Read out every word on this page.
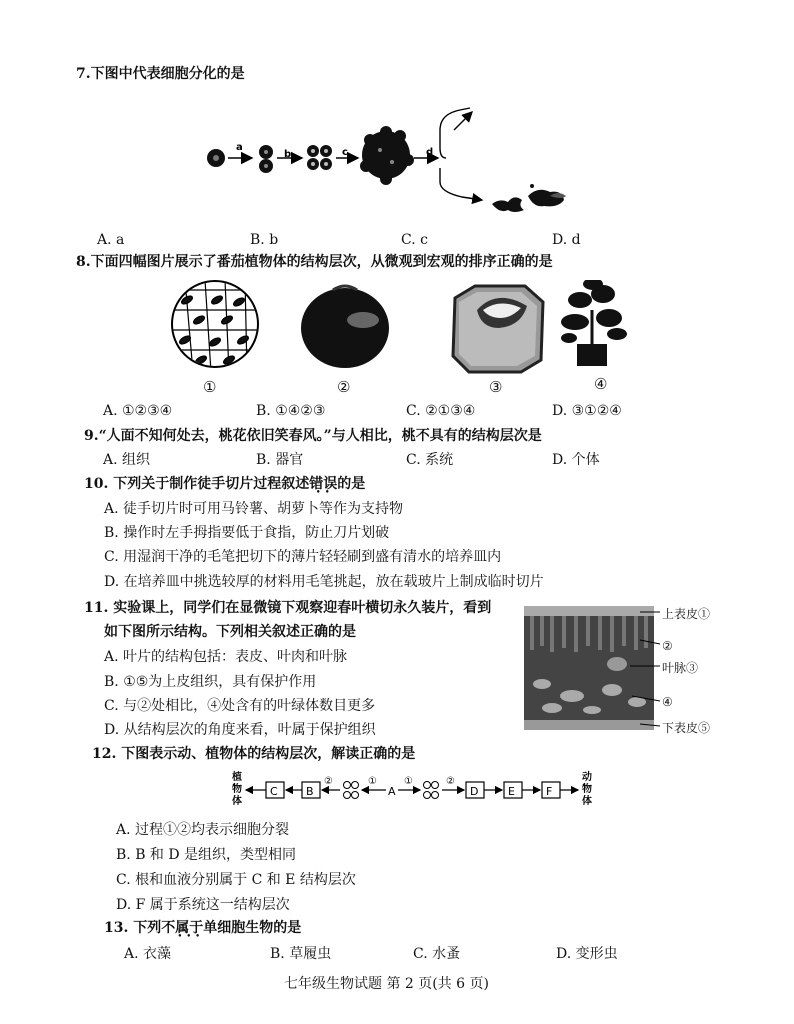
7.下图中代表细胞分化的是
a
b	c	d
A. a	B. b	C. c	D. d
8.下面四幅图片展示了番茄植物体的结构层次，从微观到宏观的排序正确的是
①	②	③	④
A. ①②③④	B. ①④②③	C. ②①③④	D. ③①②④
9.“人面不知何处去，桃花依旧笑春风。”与人相比，桃不具有的结构层次是
A. 组织	B. 器官	C. 系统	D. 个体
10. 下列关于制作徒手切片过程叙述错误 • •的是
A. 徒手切片时可用马铃薯、胡萝卜等作为支持物
B. 操作时左手拇指要低于食指，防止刀片划破
C. 用湿润干净的毛笔把切下的薄片轻轻刷到盛有清水的培养皿内
D. 在培养皿中挑选较厚的材料用毛笔挑起，放在载玻片上制成临时切片
11. 实验课上，同学们在显微镜下观察迎春叶横切永久装片，看到
如下图所示结构。下列相关叙述正确的是
A. 叶片的结构包括：表皮、叶肉和叶脉
B. ①⑤为上皮组织，具有保护作用
C. 与②处相比，④处含有的叶绿体数目更多
D. 从结构层次的角度来看，叶属于保护组织
上表皮①
②
叶脉③
④
下表皮⑤
12. 下图表示动、植物体的结构层次，解读正确的是
植
物
体
C	B
②	①
A
①	②
D	E	F
动
物
体
A. 过程①②均表示细胞分裂
B. B 和 D 是组织，类型相同
C. 根和血液分别属于 C 和 E 结构层次
D. F 属于系统这一结构层次
13. 下列不属于 • • •单细胞生物的是
A. 衣藻	B. 草履虫	C. 水蚤	D. 变形虫
七年级生物试题 第 2 页(共 6 页)
